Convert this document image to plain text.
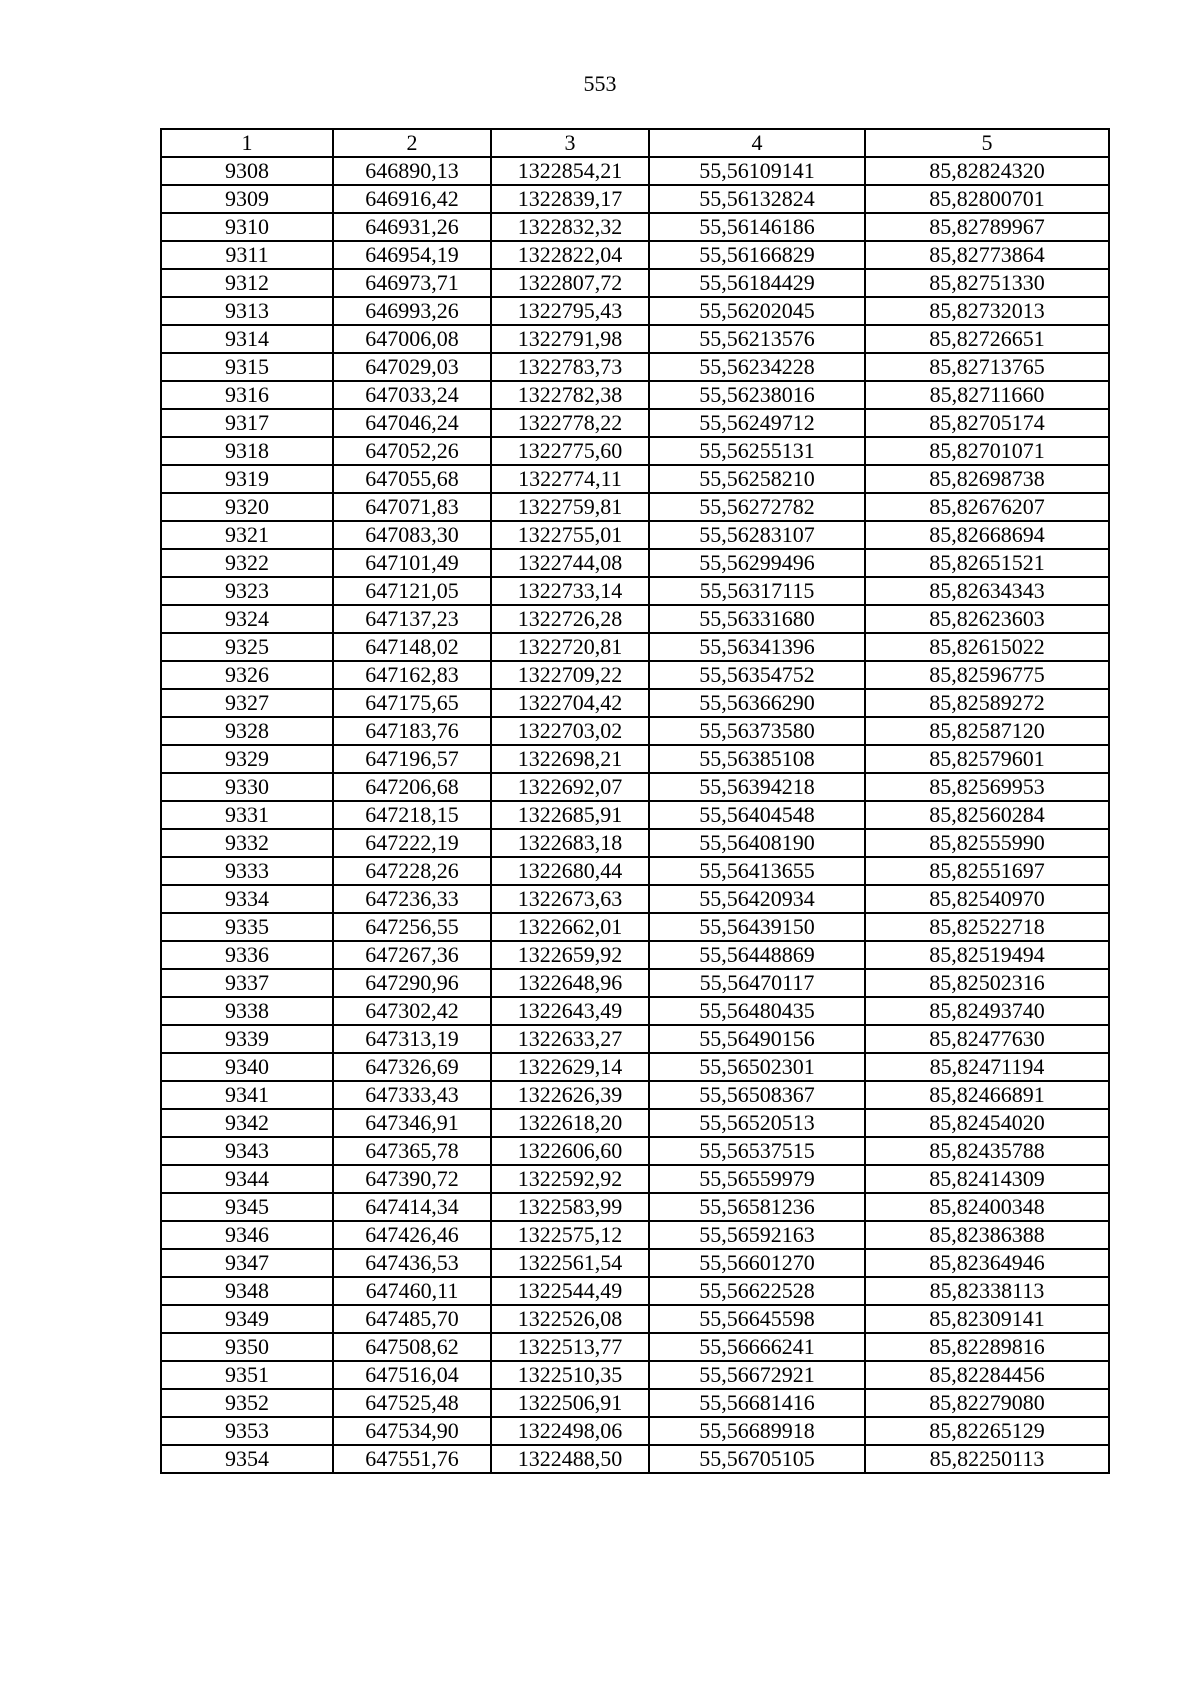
553
1	2	3	4	5
9308	646890,13	1322854,21	55,56109141	85,82824320
9309	646916,42	1322839,17	55,56132824	85,82800701
9310	646931,26	1322832,32	55,56146186	85,82789967
9311	646954,19	1322822,04	55,56166829	85,82773864
9312	646973,71	1322807,72	55,56184429	85,82751330
9313	646993,26	1322795,43	55,56202045	85,82732013
9314	647006,08	1322791,98	55,56213576	85,82726651
9315	647029,03	1322783,73	55,56234228	85,82713765
9316	647033,24	1322782,38	55,56238016	85,82711660
9317	647046,24	1322778,22	55,56249712	85,82705174
9318	647052,26	1322775,60	55,56255131	85,82701071
9319	647055,68	1322774,11	55,56258210	85,82698738
9320	647071,83	1322759,81	55,56272782	85,82676207
9321	647083,30	1322755,01	55,56283107	85,82668694
9322	647101,49	1322744,08	55,56299496	85,82651521
9323	647121,05	1322733,14	55,56317115	85,82634343
9324	647137,23	1322726,28	55,56331680	85,82623603
9325	647148,02	1322720,81	55,56341396	85,82615022
9326	647162,83	1322709,22	55,56354752	85,82596775
9327	647175,65	1322704,42	55,56366290	85,82589272
9328	647183,76	1322703,02	55,56373580	85,82587120
9329	647196,57	1322698,21	55,56385108	85,82579601
9330	647206,68	1322692,07	55,56394218	85,82569953
9331	647218,15	1322685,91	55,56404548	85,82560284
9332	647222,19	1322683,18	55,56408190	85,82555990
9333	647228,26	1322680,44	55,56413655	85,82551697
9334	647236,33	1322673,63	55,56420934	85,82540970
9335	647256,55	1322662,01	55,56439150	85,82522718
9336	647267,36	1322659,92	55,56448869	85,82519494
9337	647290,96	1322648,96	55,56470117	85,82502316
9338	647302,42	1322643,49	55,56480435	85,82493740
9339	647313,19	1322633,27	55,56490156	85,82477630
9340	647326,69	1322629,14	55,56502301	85,82471194
9341	647333,43	1322626,39	55,56508367	85,82466891
9342	647346,91	1322618,20	55,56520513	85,82454020
9343	647365,78	1322606,60	55,56537515	85,82435788
9344	647390,72	1322592,92	55,56559979	85,82414309
9345	647414,34	1322583,99	55,56581236	85,82400348
9346	647426,46	1322575,12	55,56592163	85,82386388
9347	647436,53	1322561,54	55,56601270	85,82364946
9348	647460,11	1322544,49	55,56622528	85,82338113
9349	647485,70	1322526,08	55,56645598	85,82309141
9350	647508,62	1322513,77	55,56666241	85,82289816
9351	647516,04	1322510,35	55,56672921	85,82284456
9352	647525,48	1322506,91	55,56681416	85,82279080
9353	647534,90	1322498,06	55,56689918	85,82265129
9354	647551,76	1322488,50	55,56705105	85,82250113
